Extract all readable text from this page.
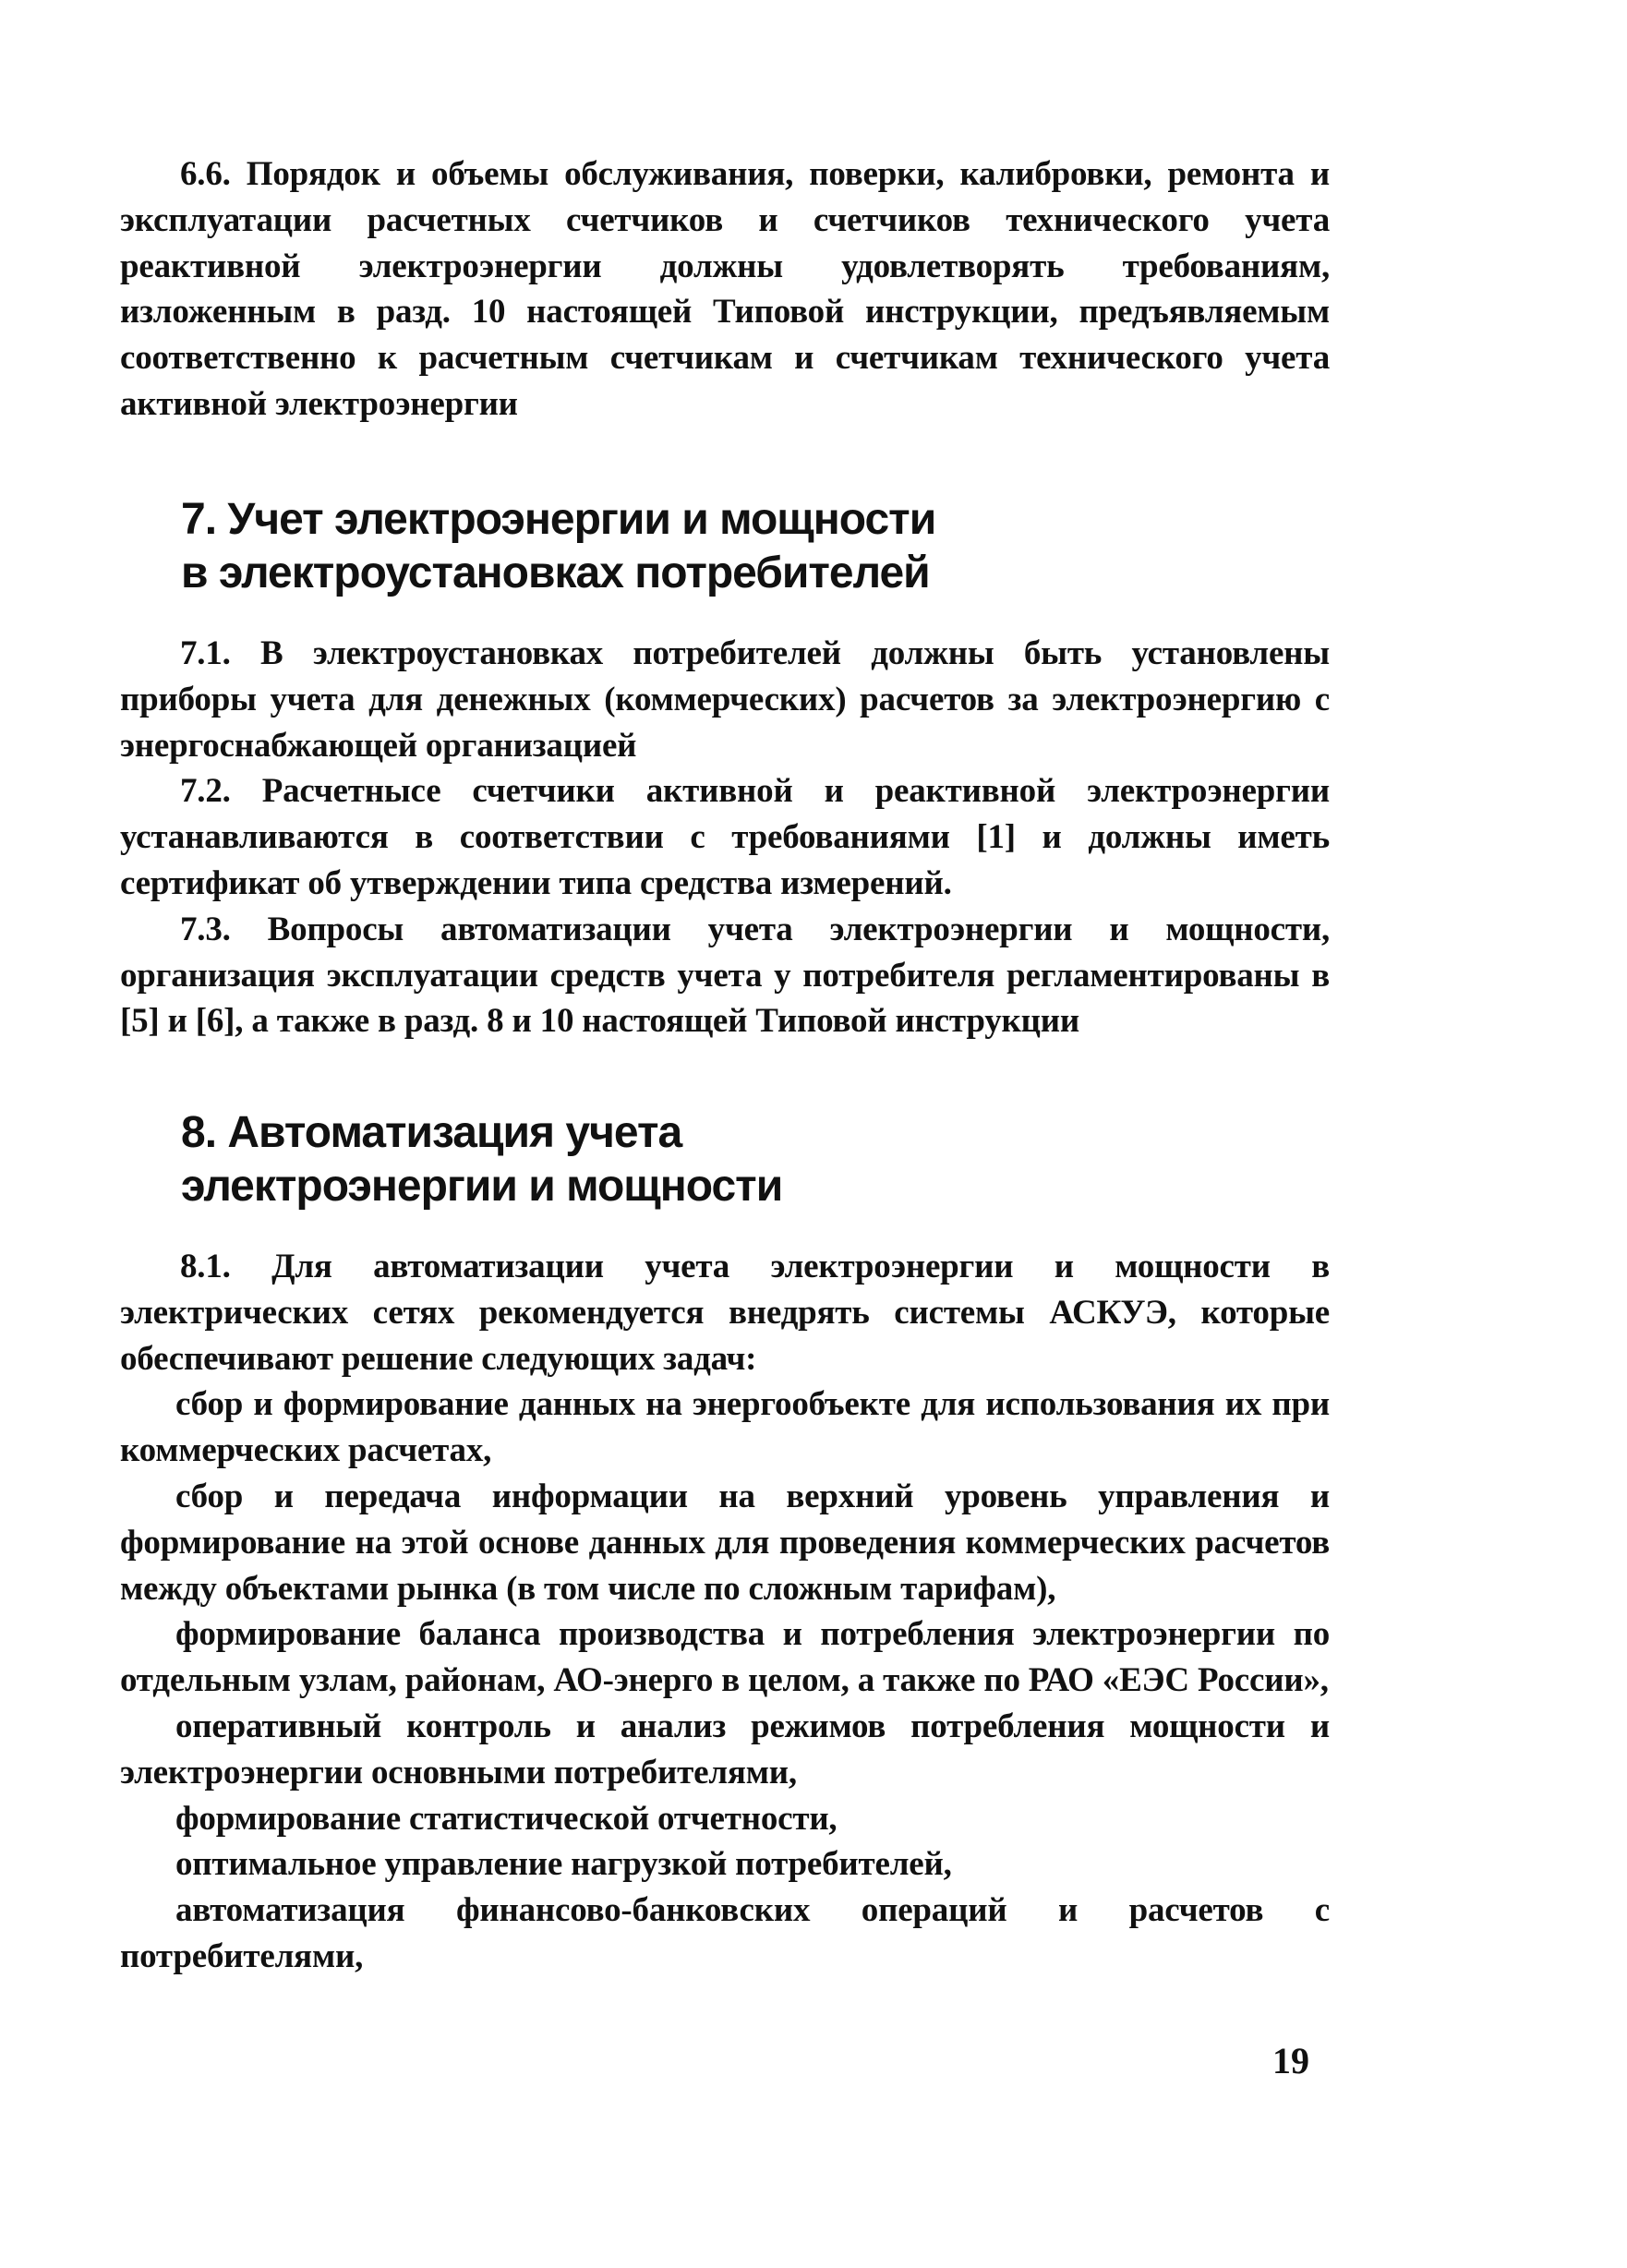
6.6. Порядок и объемы обслуживания, поверки, калибровки, ремонта и эксплуатации расчетных счетчиков и счетчиков технического учета реактивной электроэнергии должны удовлетворять требованиям, изложенным в разд. 10 настоящей Типовой инструкции, предъявляемым соответственно к расчетным счетчикам и счетчикам технического учета активной электроэнергии

7. Учет электроэнергии и мощности
в электроустановках потребителей

7.1. В электроустановках потребителей должны быть установлены приборы учета для денежных (коммерческих) расчетов за электроэнергию с энергоснабжающей организацией

7.2. Расчетнысе счетчики активной и реактивной электроэнергии устанавливаются в соответствии с требованиями [1] и должны иметь сертификат об утверждении типа средства измерений.

7.3. Вопросы автоматизации учета электроэнергии и мощности, организация эксплуатации средств учета у потребителя регламентированы в [5] и [6], а также в разд. 8 и 10 настоящей Типовой инструкции

8. Автоматизация учета
электроэнергии и мощности

8.1. Для автоматизации учета электроэнергии и мощности в электрических сетях рекомендуется внедрять системы АСКУЭ, которые обеспечивают решение следующих задач:

сбор и формирование данных на энергообъекте для использования их при коммерческих расчетах,

сбор и передача информации на верхний уровень управления и формирование на этой основе данных для проведения коммерческих расчетов между объектами рынка (в том числе по сложным тарифам),

формирование баланса производства и потребления электроэнергии по отдельным узлам, районам, АО-энерго в целом, а также по РАО «ЕЭС России»,

оперативный контроль и анализ режимов потребления мощности и электроэнергии основными потребителями,

формирование статистической отчетности,

оптимальное управление нагрузкой потребителей,

автоматизация финансово-банковских операций и расчетов с потребителями,

19
